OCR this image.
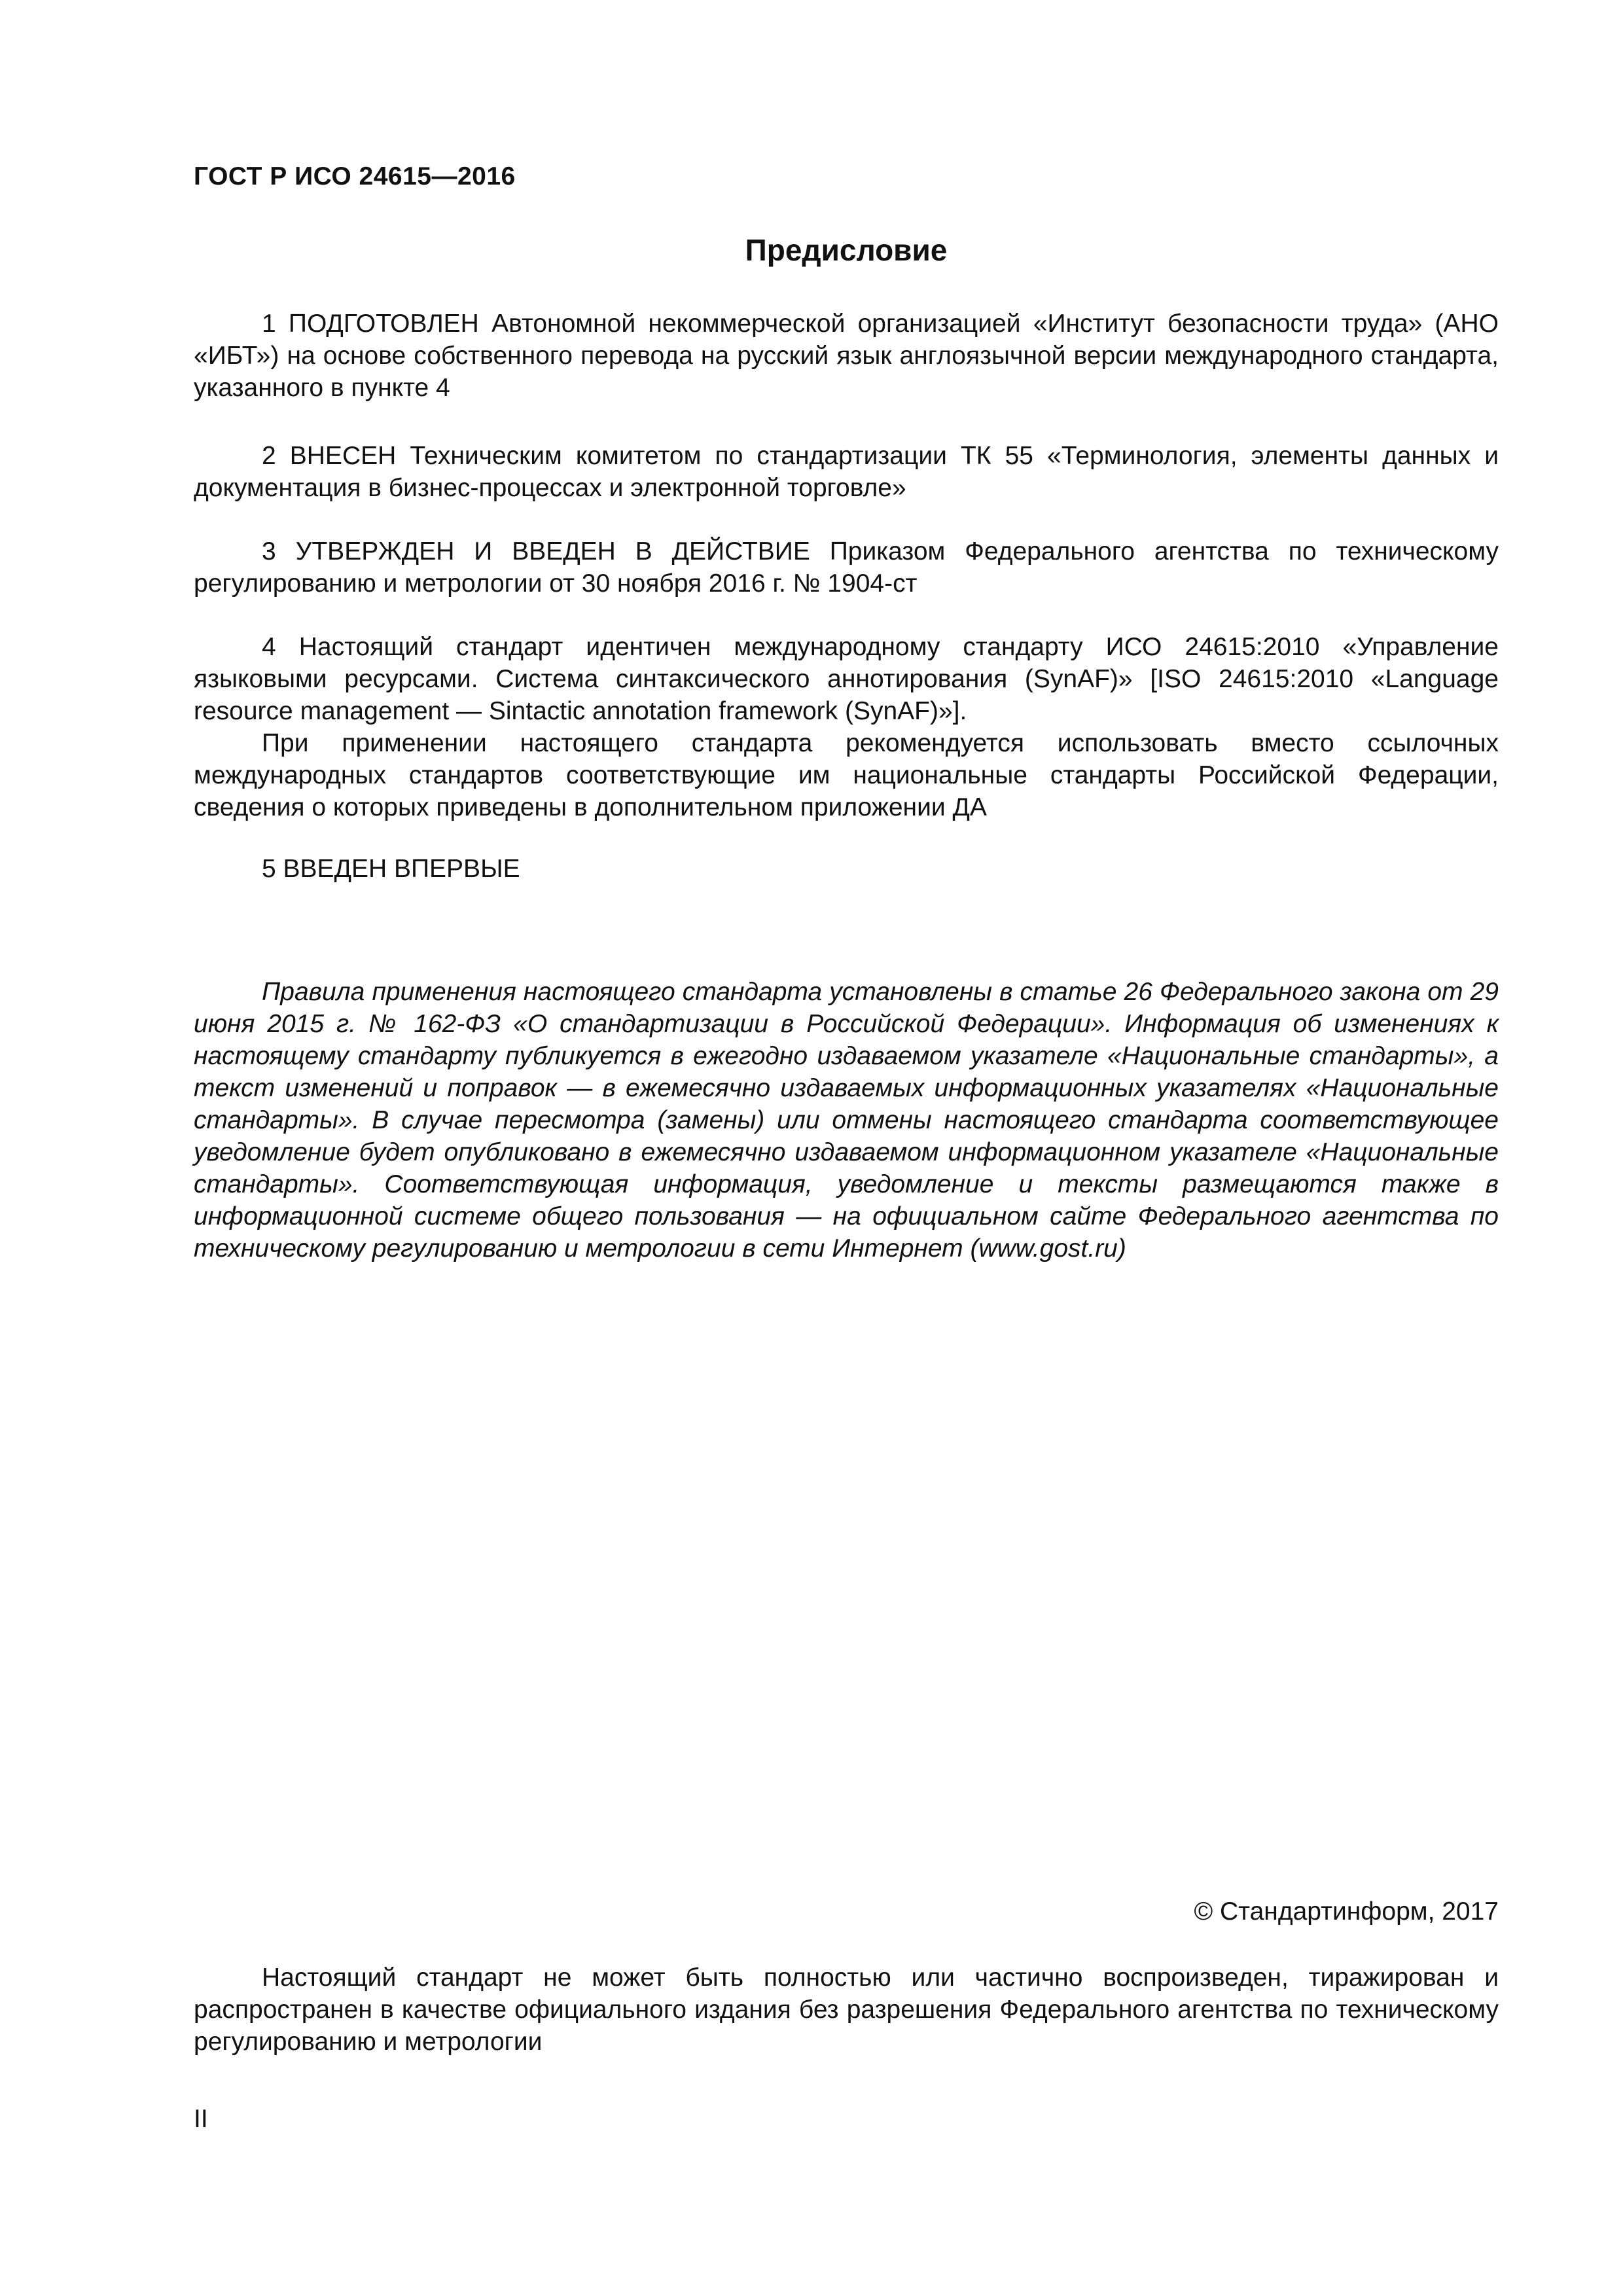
ГОСТ Р ИСО 24615—2016
Предисловие
1 ПОДГОТОВЛЕН Автономной некоммерческой организацией «Институт безопасности труда» (АНО «ИБТ») на основе собственного перевода на русский язык англоязычной версии международного стандарта, указанного в пункте 4
2 ВНЕСЕН Техническим комитетом по стандартизации ТК 55 «Терминология, элементы данных и документация в бизнес-процессах и электронной торговле»
3 УТВЕРЖДЕН И ВВЕДЕН В ДЕЙСТВИЕ Приказом Федерального агентства по техническому регулированию и метрологии от 30 ноября 2016 г. № 1904-ст
4 Настоящий стандарт идентичен международному стандарту ИСО 24615:2010 «Управление языковыми ресурсами. Система синтаксического аннотирования (SynAF)» [ISO 24615:2010 «Language resource management — Sintactic annotation framework (SynAF)»].
При применении настоящего стандарта рекомендуется использовать вместо ссылочных международных стандартов соответствующие им национальные стандарты Российской Федерации, сведения о которых приведены в дополнительном приложении ДА
5 ВВЕДЕН ВПЕРВЫЕ
Правила применения настоящего стандарта установлены в статье 26 Федерального закона от 29 июня 2015 г. № 162-ФЗ «О стандартизации в Российской Федерации». Информация об изменениях к настоящему стандарту публикуется в ежегодно издаваемом указателе «Национальные стандарты», а текст изменений и поправок — в ежемесячно издаваемых информационных указателях «Национальные стандарты». В случае пересмотра (замены) или отмены настоящего стандарта соответствующее уведомление будет опубликовано в ежемесячно издаваемом информационном указателе «Национальные стандарты». Соответствующая информация, уведомление и тексты размещаются также в информационной системе общего пользования — на официальном сайте Федерального агентства по техническому регулированию и метрологии в сети Интернет (www.gost.ru)
© Стандартинформ, 2017
Настоящий стандарт не может быть полностью или частично воспроизведен, тиражирован и распространен в качестве официального издания без разрешения Федерального агентства по техническому регулированию и метрологии
II
